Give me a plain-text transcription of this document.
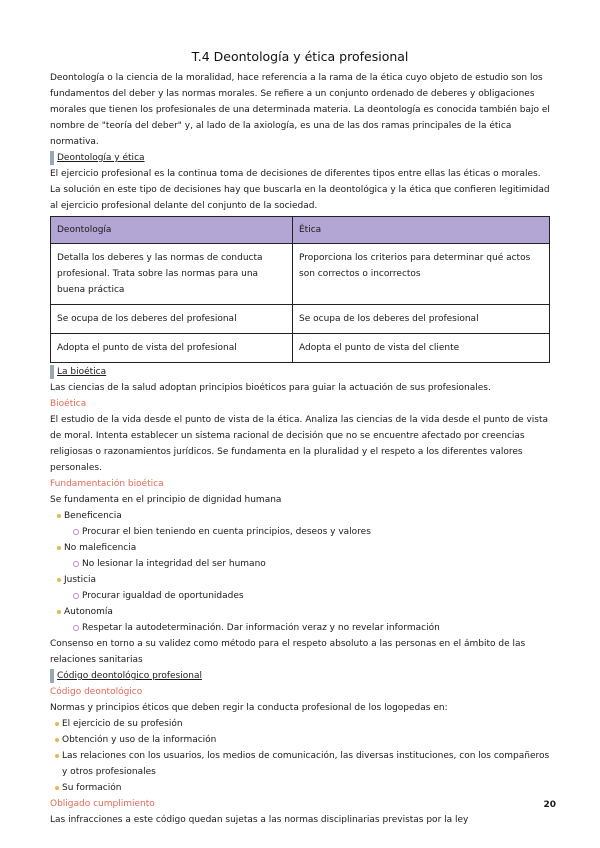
T.4 Deontología y ética profesional

Deontología o la ciencia de la moralidad, hace referencia a la rama de la ética cuyo objeto de estudio son los fundamentos del deber y las normas morales. Se refiere a un conjunto ordenado de deberes y obligaciones morales que tienen los profesionales de una determinada materia. La deontología es conocida también bajo el nombre de "teoría del deber" y, al lado de la axiología, es una de las dos ramas principales de la ética normativa.

Deontología y ética

El ejercicio profesional es la continua toma de decisiones de diferentes tipos entre ellas las éticas o morales. La solución en este tipo de decisiones hay que buscarla en la deontológica y la ética que confieren legitimidad al ejercicio profesional delante del conjunto de la sociedad.

Deontología	Ética
Detalla los deberes y las normas de conducta profesional. Trata sobre las normas para una buena práctica	Proporciona los criterios para determinar qué actos son correctos o incorrectos
Se ocupa de los deberes del profesional	Se ocupa de los deberes del profesional
Adopta el punto de vista del profesional	Adopta el punto de vista del cliente
La bioética

Las ciencias de la salud adoptan principios bioéticos para guiar la actuación de sus profesionales.

Bioética

El estudio de la vida desde el punto de vista de la ética. Analiza las ciencias de la vida desde el punto de vista de moral. Intenta establecer un sistema racional de decisión que no se encuentre afectado por creencias religiosas o razonamientos jurídicos. Se fundamenta en la pluralidad y el respeto a los diferentes valores personales.

Fundamentación bioética

Se fundamenta en el principio de dignidad humana

Beneficencia
Procurar el bien teniendo en cuenta principios, deseos y valores
No maleficencia
No lesionar la integridad del ser humano
Justicia
Procurar igualdad de oportunidades
Autonomía
Respetar la autodeterminación. Dar información veraz y no revelar información

Consenso en torno a su validez como método para el respeto absoluto a las personas en el ámbito de las relaciones sanitarias

Código deontológico profesional

Código deontológico

Normas y principios éticos que deben regir la conducta profesional de los logopedas en:

El ejercicio de su profesión
Obtención y uso de la información
Las relaciones con los usuarios, los medios de comunicación, las diversas instituciones, con los compañeros y otros profesionales
Su formación

Obligado cumplimiento

Las infracciones a este código quedan sujetas a las normas disciplinarias previstas por la ley

20
